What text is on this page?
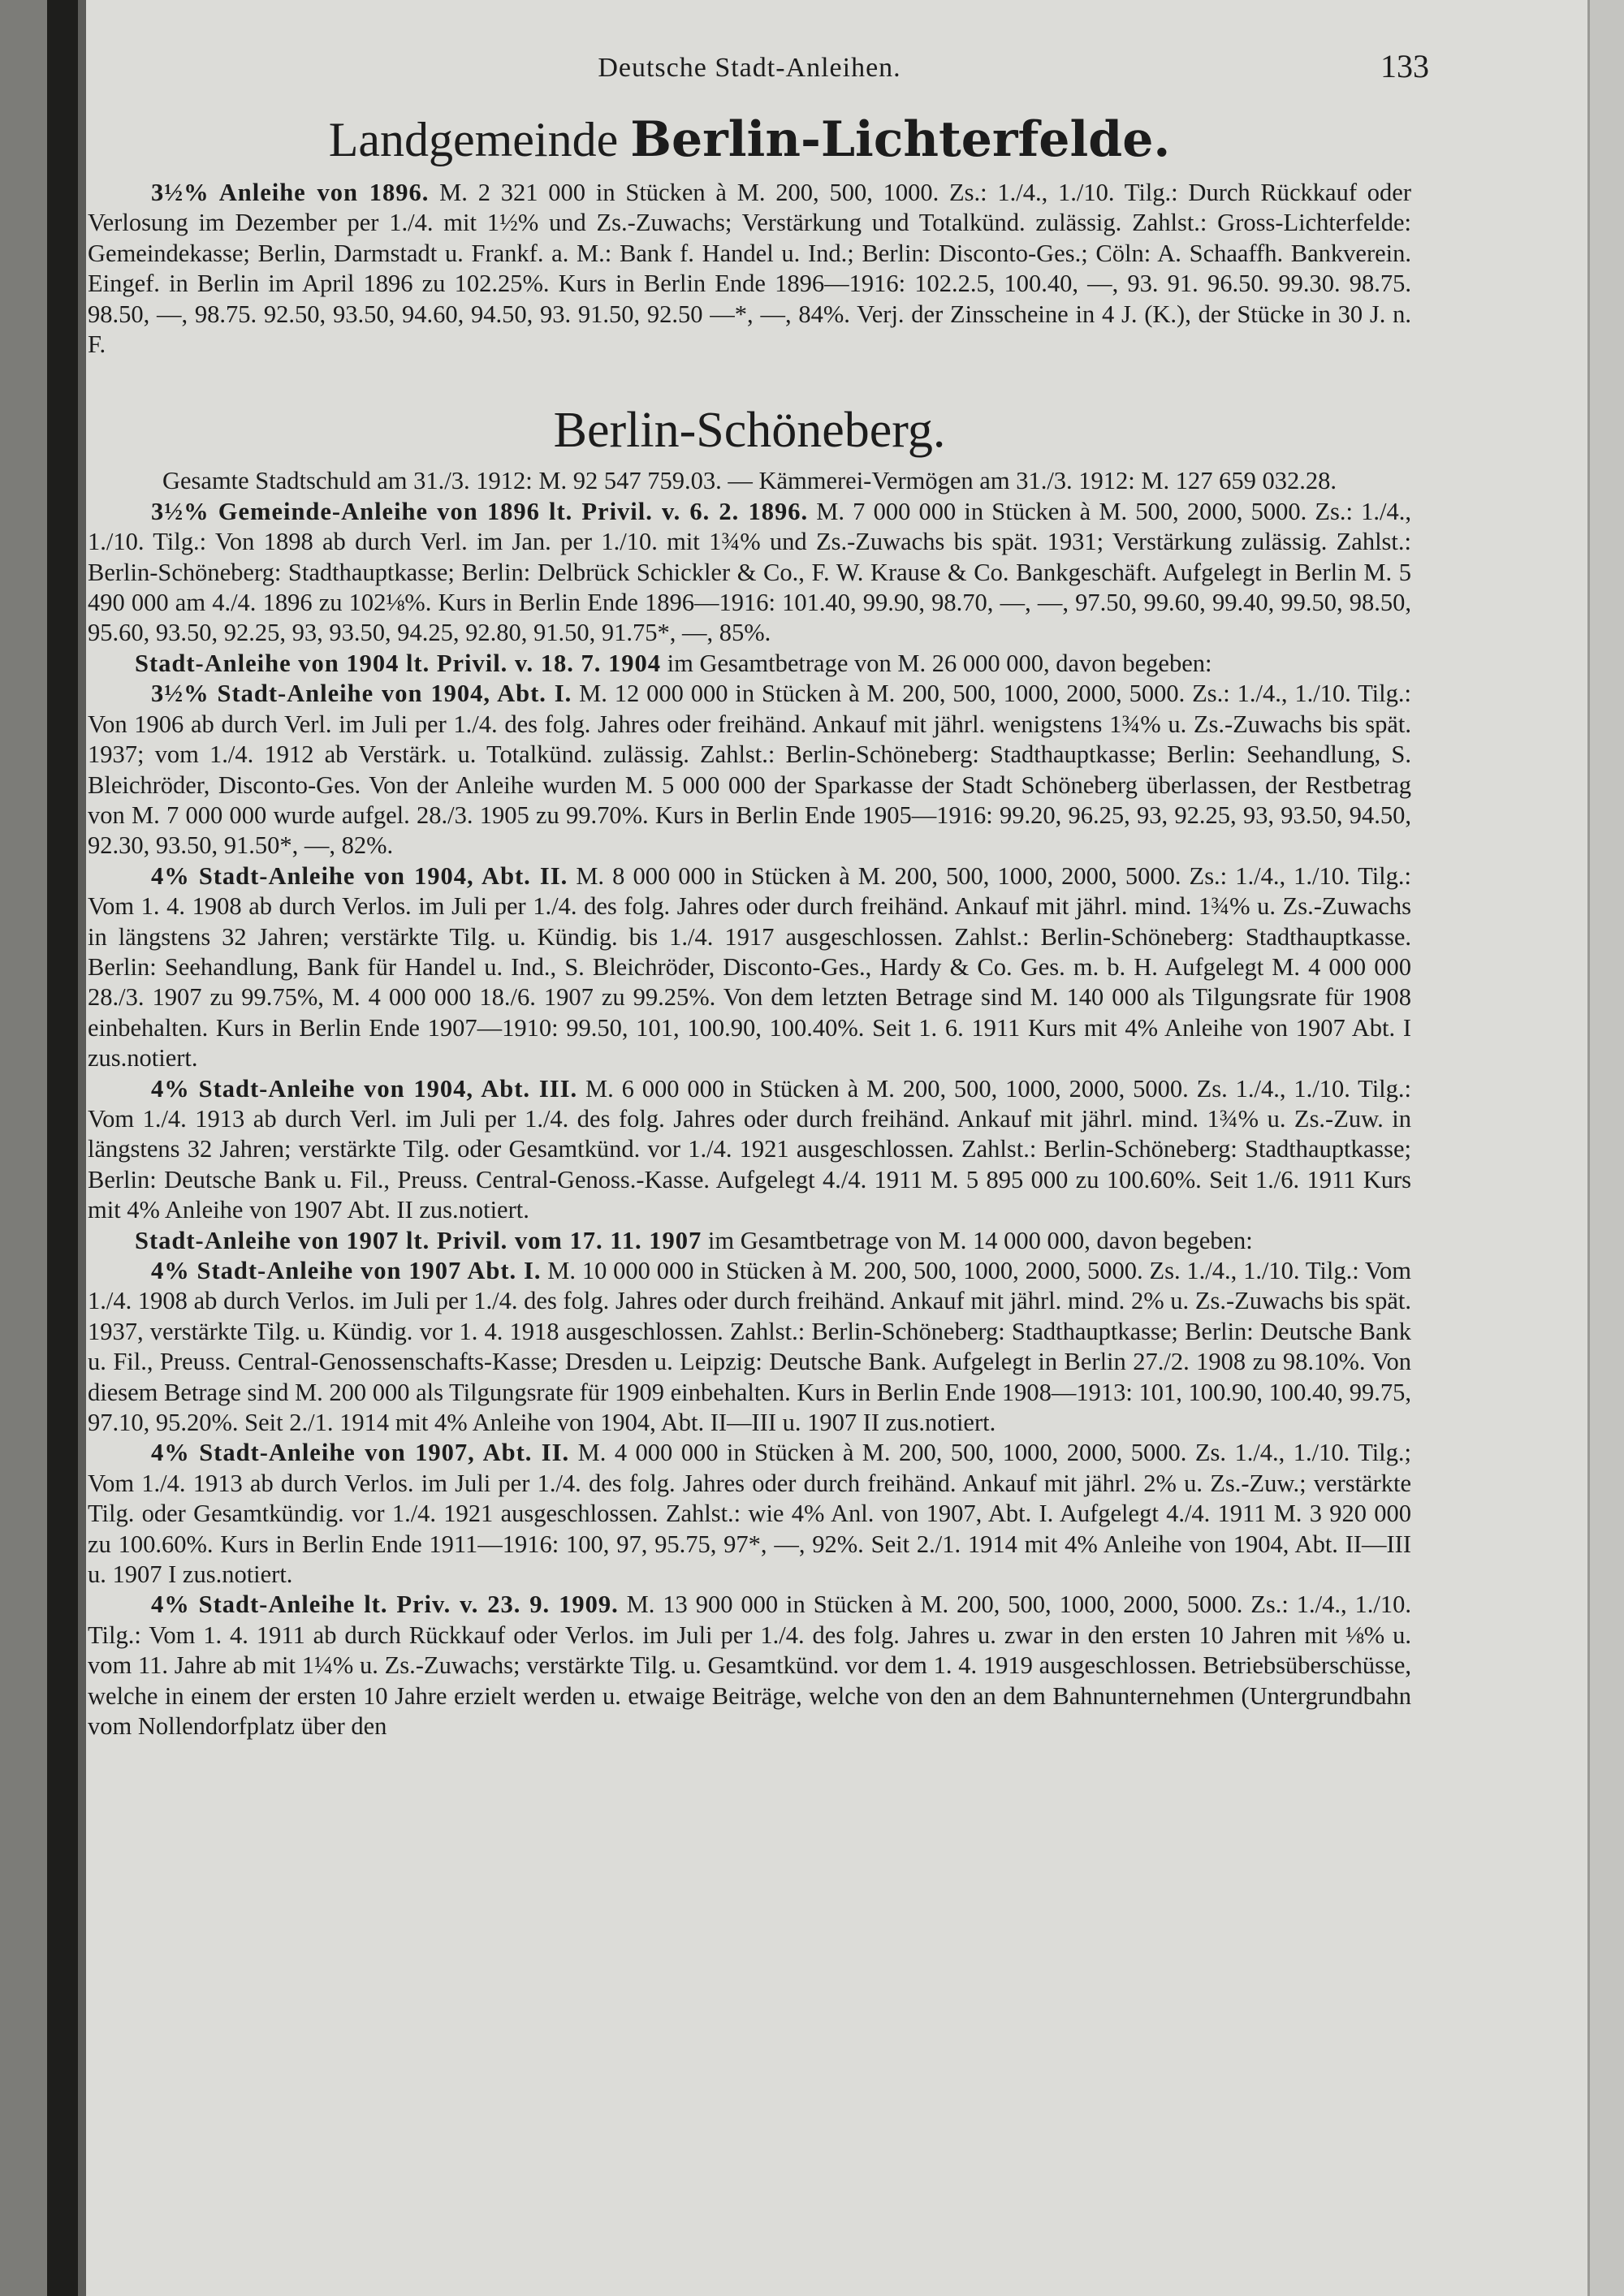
Deutsche Stadt-Anleihen.	133
Landgemeinde Berlin-Lichterfelde.

3½% Anleihe von 1896. M. 2 321 000 in Stücken à M. 200, 500, 1000. Zs.: 1./4., 1./10. Tilg.: Durch Rückkauf oder Verlosung im Dezember per 1./4. mit 1½% und Zs.-Zuwachs; Verstärkung und Totalkünd. zulässig. Zahlst.: Gross-Lichterfelde: Gemeindekasse; Berlin, Darmstadt u. Frankf. a. M.: Bank f. Handel u. Ind.; Berlin: Disconto-Ges.; Cöln: A. Schaaffh. Bankverein. Eingef. in Berlin im April 1896 zu 102.25%. Kurs in Berlin Ende 1896—1916: 102.2.5, 100.40, —, 93. 91. 96.50. 99.30. 98.75. 98.50, —, 98.75. 92.50, 93.50, 94.60, 94.50, 93. 91.50, 92.50 —*, —, 84%. Verj. der Zinsscheine in 4 J. (K.), der Stücke in 30 J. n. F.

Berlin-Schöneberg.

Gesamte Stadtschuld am 31./3. 1912: M. 92 547 759.03. — Kämmerei-Vermögen am 31./3. 1912: M. 127 659 032.28.

3½% Gemeinde-Anleihe von 1896 lt. Privil. v. 6. 2. 1896. M. 7 000 000 in Stücken à M. 500, 2000, 5000. Zs.: 1./4., 1./10. Tilg.: Von 1898 ab durch Verl. im Jan. per 1./10. mit 1¾% und Zs.-Zuwachs bis spät. 1931; Verstärkung zulässig. Zahlst.: Berlin-Schöneberg: Stadthauptkasse; Berlin: Delbrück Schickler & Co., F. W. Krause & Co. Bankgeschäft. Aufgelegt in Berlin M. 5 490 000 am 4./4. 1896 zu 102⅛%. Kurs in Berlin Ende 1896—1916: 101.40, 99.90, 98.70, —, —, 97.50, 99.60, 99.40, 99.50, 98.50, 95.60, 93.50, 92.25, 93, 93.50, 94.25, 92.80, 91.50, 91.75*, —, 85%.

Stadt-Anleihe von 1904 lt. Privil. v. 18. 7. 1904 im Gesamtbetrage von M. 26 000 000, davon begeben:

3½% Stadt-Anleihe von 1904, Abt. I. M. 12 000 000 in Stücken à M. 200, 500, 1000, 2000, 5000. Zs.: 1./4., 1./10. Tilg.: Von 1906 ab durch Verl. im Juli per 1./4. des folg. Jahres oder freihänd. Ankauf mit jährl. wenigstens 1¾% u. Zs.-Zuwachs bis spät. 1937; vom 1./4. 1912 ab Verstärk. u. Totalkünd. zulässig. Zahlst.: Berlin-Schöneberg: Stadthauptkasse; Berlin: Seehandlung, S. Bleichröder, Disconto-Ges. Von der Anleihe wurden M. 5 000 000 der Sparkasse der Stadt Schöneberg überlassen, der Restbetrag von M. 7 000 000 wurde aufgel. 28./3. 1905 zu 99.70%. Kurs in Berlin Ende 1905—1916: 99.20, 96.25, 93, 92.25, 93, 93.50, 94.50, 92.30, 93.50, 91.50*, —, 82%.

4% Stadt-Anleihe von 1904, Abt. II. M. 8 000 000 in Stücken à M. 200, 500, 1000, 2000, 5000. Zs.: 1./4., 1./10. Tilg.: Vom 1. 4. 1908 ab durch Verlos. im Juli per 1./4. des folg. Jahres oder durch freihänd. Ankauf mit jährl. mind. 1¾% u. Zs.-Zuwachs in längstens 32 Jahren; verstärkte Tilg. u. Kündig. bis 1./4. 1917 ausgeschlossen. Zahlst.: Berlin-Schöneberg: Stadthauptkasse. Berlin: Seehandlung, Bank für Handel u. Ind., S. Bleichröder, Disconto-Ges., Hardy & Co. Ges. m. b. H. Aufgelegt M. 4 000 000 28./3. 1907 zu 99.75%, M. 4 000 000 18./6. 1907 zu 99.25%. Von dem letzten Betrage sind M. 140 000 als Tilgungsrate für 1908 einbehalten. Kurs in Berlin Ende 1907—1910: 99.50, 101, 100.90, 100.40%. Seit 1. 6. 1911 Kurs mit 4% Anleihe von 1907 Abt. I zus.notiert.

4% Stadt-Anleihe von 1904, Abt. III. M. 6 000 000 in Stücken à M. 200, 500, 1000, 2000, 5000. Zs. 1./4., 1./10. Tilg.: Vom 1./4. 1913 ab durch Verl. im Juli per 1./4. des folg. Jahres oder durch freihänd. Ankauf mit jährl. mind. 1¾% u. Zs.-Zuw. in längstens 32 Jahren; verstärkte Tilg. oder Gesamtkünd. vor 1./4. 1921 ausgeschlossen. Zahlst.: Berlin-Schöneberg: Stadthauptkasse; Berlin: Deutsche Bank u. Fil., Preuss. Central-Genoss.-Kasse. Aufgelegt 4./4. 1911 M. 5 895 000 zu 100.60%. Seit 1./6. 1911 Kurs mit 4% Anleihe von 1907 Abt. II zus.notiert.

Stadt-Anleihe von 1907 lt. Privil. vom 17. 11. 1907 im Gesamtbetrage von M. 14 000 000, davon begeben:

4% Stadt-Anleihe von 1907 Abt. I. M. 10 000 000 in Stücken à M. 200, 500, 1000, 2000, 5000. Zs. 1./4., 1./10. Tilg.: Vom 1./4. 1908 ab durch Verlos. im Juli per 1./4. des folg. Jahres oder durch freihänd. Ankauf mit jährl. mind. 2% u. Zs.-Zuwachs bis spät. 1937, verstärkte Tilg. u. Kündig. vor 1. 4. 1918 ausgeschlossen. Zahlst.: Berlin-Schöneberg: Stadthauptkasse; Berlin: Deutsche Bank u. Fil., Preuss. Central-Genossenschafts-Kasse; Dresden u. Leipzig: Deutsche Bank. Aufgelegt in Berlin 27./2. 1908 zu 98.10%. Von diesem Betrage sind M. 200 000 als Tilgungsrate für 1909 einbehalten. Kurs in Berlin Ende 1908—1913: 101, 100.90, 100.40, 99.75, 97.10, 95.20%. Seit 2./1. 1914 mit 4% Anleihe von 1904, Abt. II—III u. 1907 II zus.notiert.

4% Stadt-Anleihe von 1907, Abt. II. M. 4 000 000 in Stücken à M. 200, 500, 1000, 2000, 5000. Zs. 1./4., 1./10. Tilg.; Vom 1./4. 1913 ab durch Verlos. im Juli per 1./4. des folg. Jahres oder durch freihänd. Ankauf mit jährl. 2% u. Zs.-Zuw.; verstärkte Tilg. oder Gesamtkündig. vor 1./4. 1921 ausgeschlossen. Zahlst.: wie 4% Anl. von 1907, Abt. I. Aufgelegt 4./4. 1911 M. 3 920 000 zu 100.60%. Kurs in Berlin Ende 1911—1916: 100, 97, 95.75, 97*, —, 92%. Seit 2./1. 1914 mit 4% Anleihe von 1904, Abt. II—III u. 1907 I zus.notiert.

4% Stadt-Anleihe lt. Priv. v. 23. 9. 1909. M. 13 900 000 in Stücken à M. 200, 500, 1000, 2000, 5000. Zs.: 1./4., 1./10. Tilg.: Vom 1. 4. 1911 ab durch Rückkauf oder Verlos. im Juli per 1./4. des folg. Jahres u. zwar in den ersten 10 Jahren mit ⅛% u. vom 11. Jahre ab mit 1¼% u. Zs.-Zuwachs; verstärkte Tilg. u. Gesamtkünd. vor dem 1. 4. 1919 ausgeschlossen. Betriebsüberschüsse, welche in einem der ersten 10 Jahre erzielt werden u. etwaige Beiträge, welche von den an dem Bahnunternehmen (Untergrundbahn vom Nollendorfplatz über den
